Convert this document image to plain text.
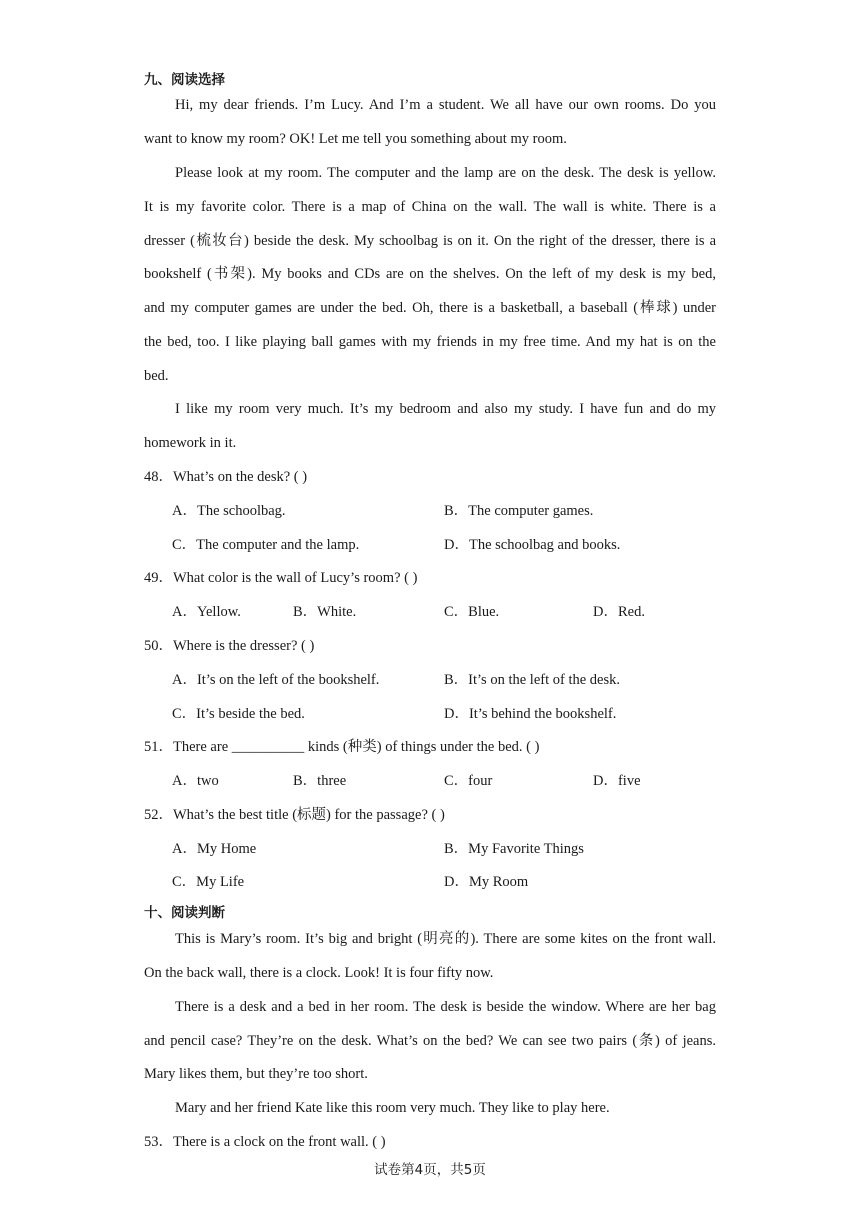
九、阅读选择
Hi, my dear friends. I’m Lucy. And I’m a student. We all have our own rooms. Do you
want to know my room? OK! Let me tell you something about my room.
Please look at my room. The computer and the lamp are on the desk. The desk is yellow.
It is my favorite color. There is a map of China on the wall. The wall is white. There is a
dresser (梳妆台) beside the desk. My schoolbag is on it. On the right of the dresser, there is a
bookshelf (书架). My books and CDs are on the shelves. On the left of my desk is my bed,
and my computer games are under the bed. Oh, there is a basketball, a baseball (棒球) under
the bed, too. I like playing ball games with my friends in my free time. And my hat is on the
bed.
I like my room very much. It’s my bedroom and also my study. I have fun and do my
homework in it.
48．What’s on the desk? ( )
A．The schoolbag.	B．The computer games.
C．The computer and the lamp.	D．The schoolbag and books.
49．What color is the wall of Lucy’s room? ( )
A．Yellow.	B．White.	C．Blue.	D．Red.
50．Where is the dresser? ( )
A．It’s on the left of the bookshelf.	B．It’s on the left of the desk.
C．It’s beside the bed.	D．It’s behind the bookshelf.
51．There are __________ kinds (种类) of things under the bed. ( )
A．two	B．three	C．four	D．five
52．What’s the best title (标题) for the passage? ( )
A．My Home	B．My Favorite Things
C．My Life	D．My Room
十、阅读判断
This is Mary’s room. It’s big and bright (明亮的). There are some kites on the front wall.
On the back wall, there is a clock. Look! It is four fifty now.
There is a desk and a bed in her room. The desk is beside the window. Where are her bag
and pencil case? They’re on the desk. What’s on the bed? We can see two pairs (条) of jeans.
Mary likes them, but they’re too short.
Mary and her friend Kate like this room very much. They like to play here.
53．There is a clock on the front wall. ( )
试卷第4页，共5页
